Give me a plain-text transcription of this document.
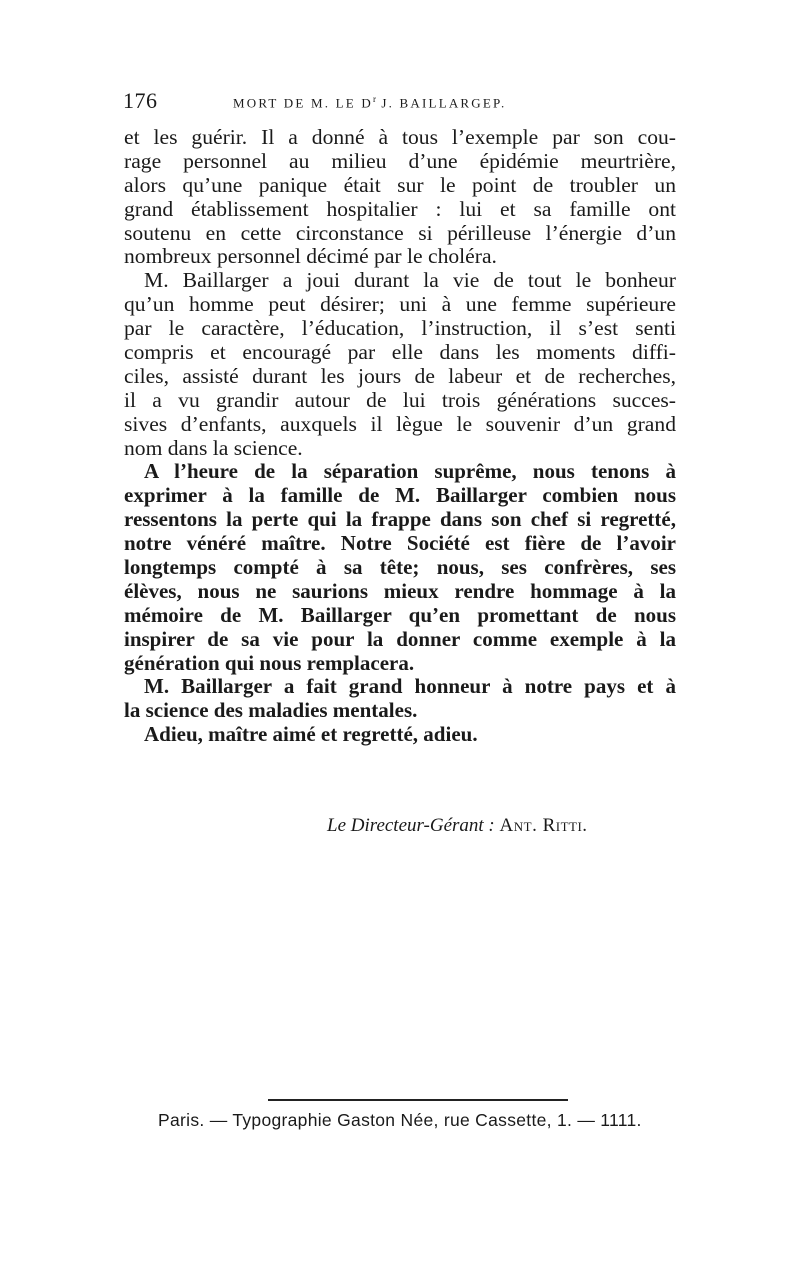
176	MORT DE M. LE $D^r$ J. BAILLARGEP.
et les guérir. Il a donné à tous l’exemple par son cou-
rage personnel au milieu d’une épidémie meurtrière,
alors qu’une panique était sur le point de troubler un
grand établissement hospitalier : lui et sa famille ont
soutenu en cette circonstance si périlleuse l’énergie d’un
nombreux personnel décimé par le choléra.
M. Baillarger a joui durant la vie de tout le bonheur
qu’un homme peut désirer; uni à une femme supérieure
par le caractère, l’éducation, l’instruction, il s’est senti
compris et encouragé par elle dans les moments diffi-
ciles, assisté durant les jours de labeur et de recherches,
il a vu grandir autour de lui trois générations succes-
sives d’enfants, auxquels il lègue le souvenir d’un grand
nom dans la science.
A l’heure de la séparation suprême, nous tenons à
exprimer à la famille de M. Baillarger combien nous
ressentons la perte qui la frappe dans son chef si regretté,
notre vénéré maître. Notre Société est fière de l’avoir
longtemps compté à sa tête; nous, ses confrères, ses
élèves, nous ne saurions mieux rendre hommage à la
mémoire de M. Baillarger qu’en promettant de nous
inspirer de sa vie pour la donner comme exemple à la
génération qui nous remplacera.
M. Baillarger a fait grand honneur à notre pays et à
la science des maladies mentales.
Adieu, maître aimé et regretté, adieu.
Le Directeur-Gérant : Ant. Ritti.
Paris. — Typographie Gaston Née, rue Cassette, 1. — 1111.
